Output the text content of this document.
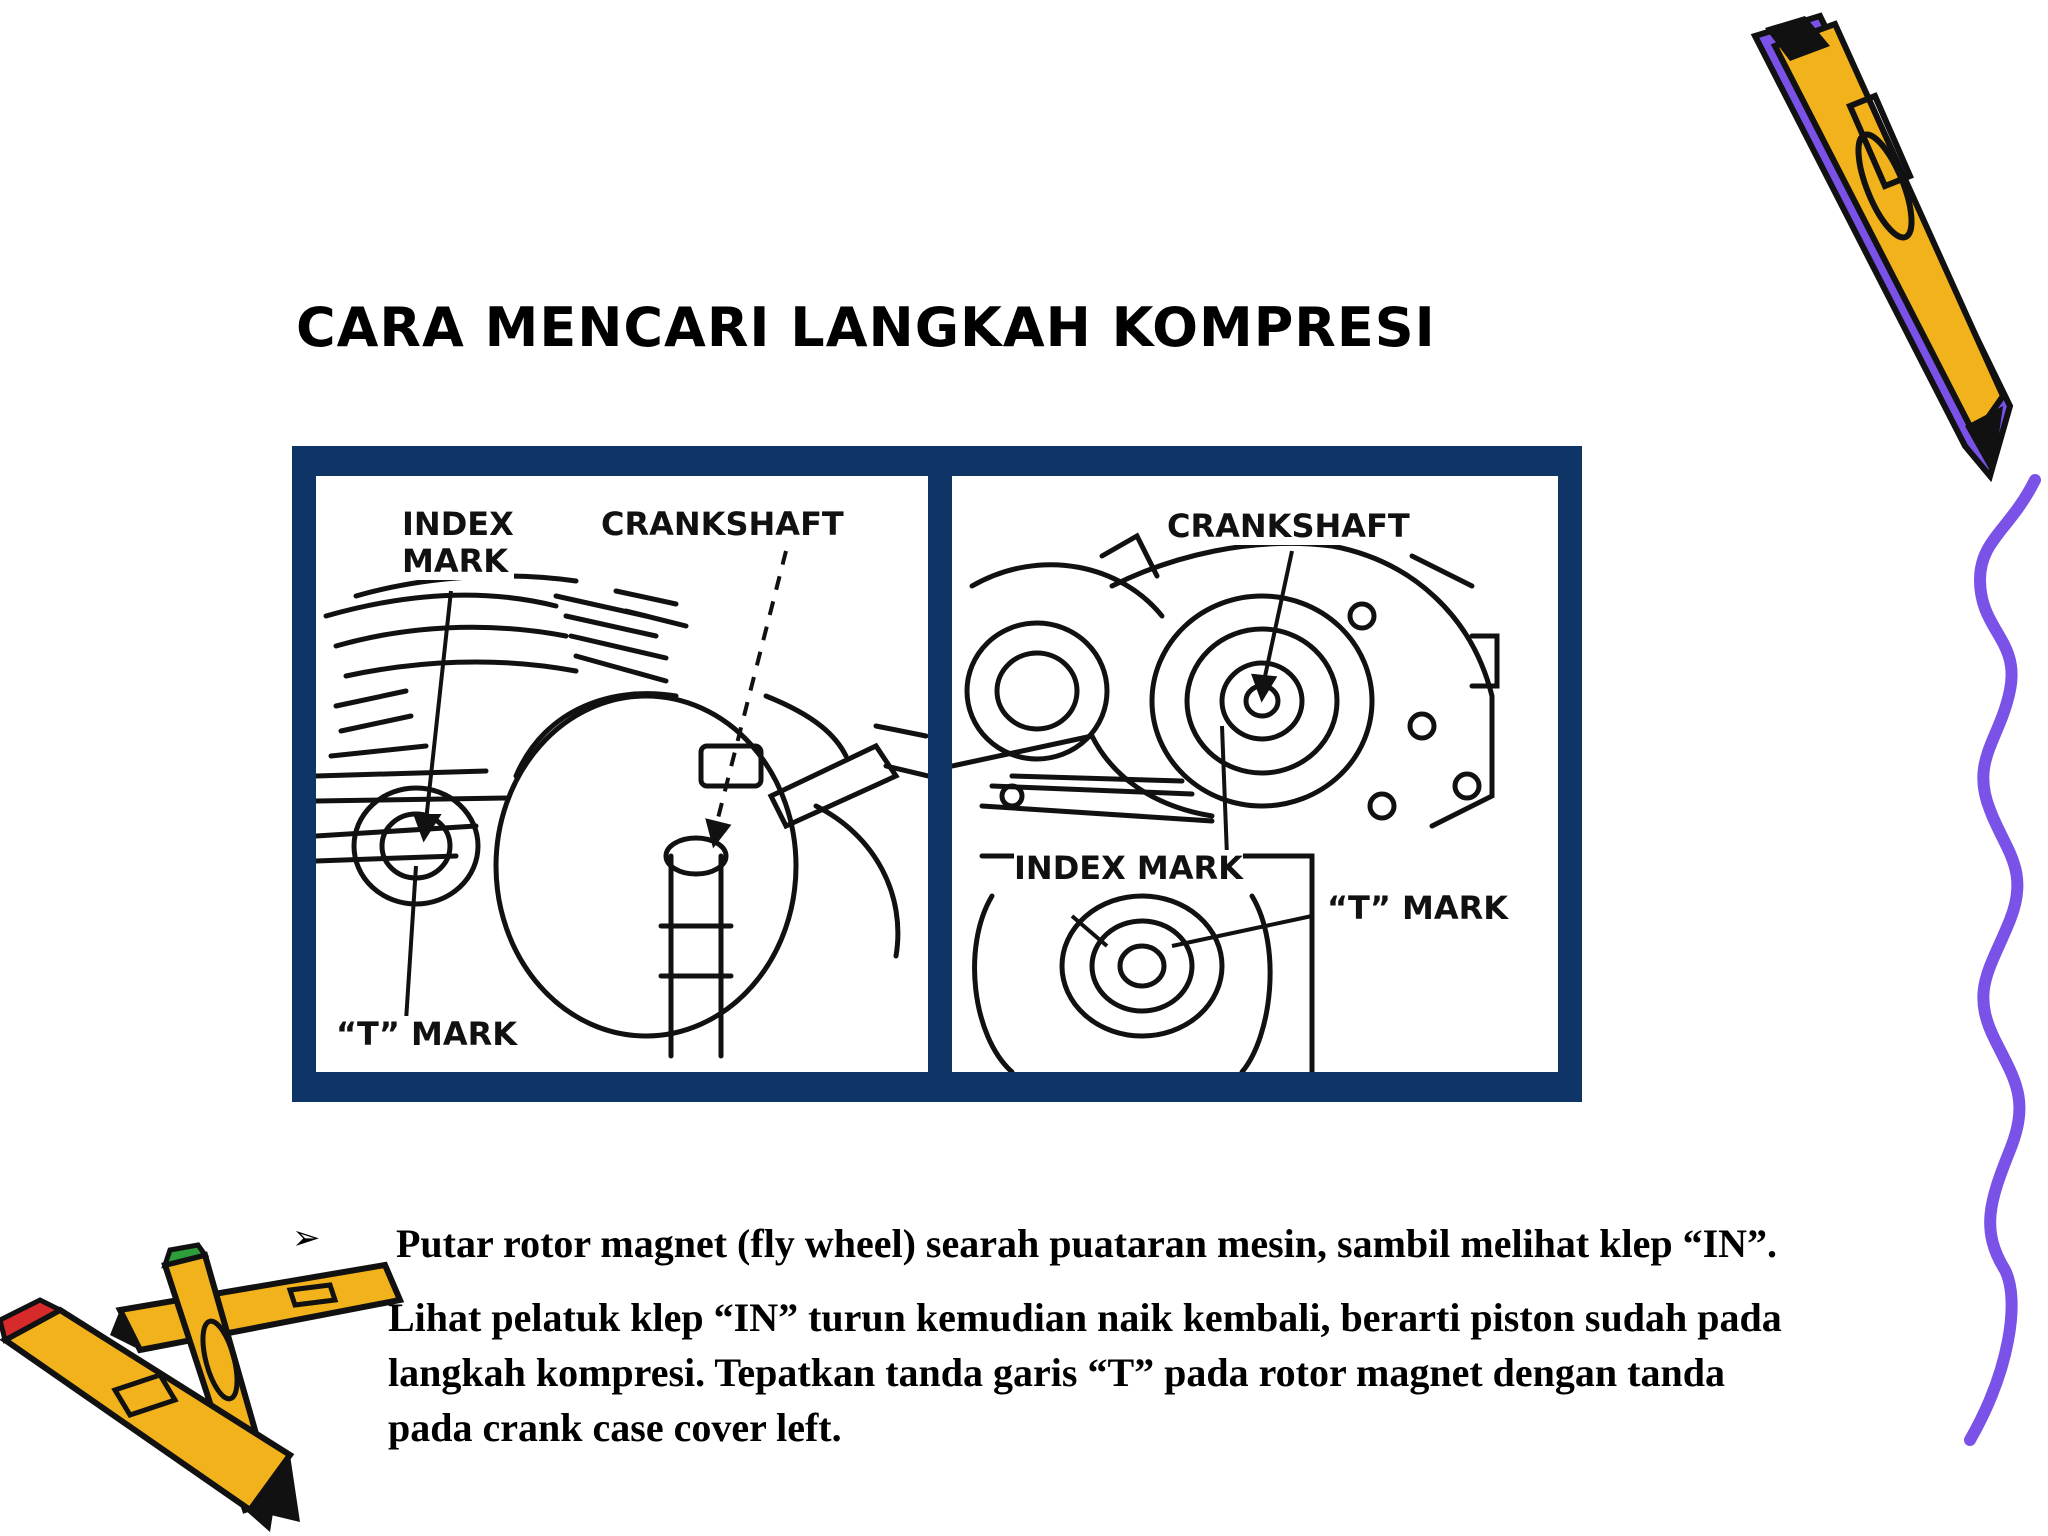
CARA MENCARI LANGKAH KOMPRESI
INDEX
MARK
CRANKSHAFT
“T” MARK
CRANKSHAFT
INDEX MARK
“T” MARK
➢ Putar rotor magnet (fly wheel) searah puataran mesin, sambil melihat klep “IN”.

Lihat pelatuk klep “IN” turun kemudian naik kembali, berarti piston sudah pada
langkah kompresi. Tepatkan tanda garis “T” pada rotor magnet dengan tanda
pada crank case cover left.
